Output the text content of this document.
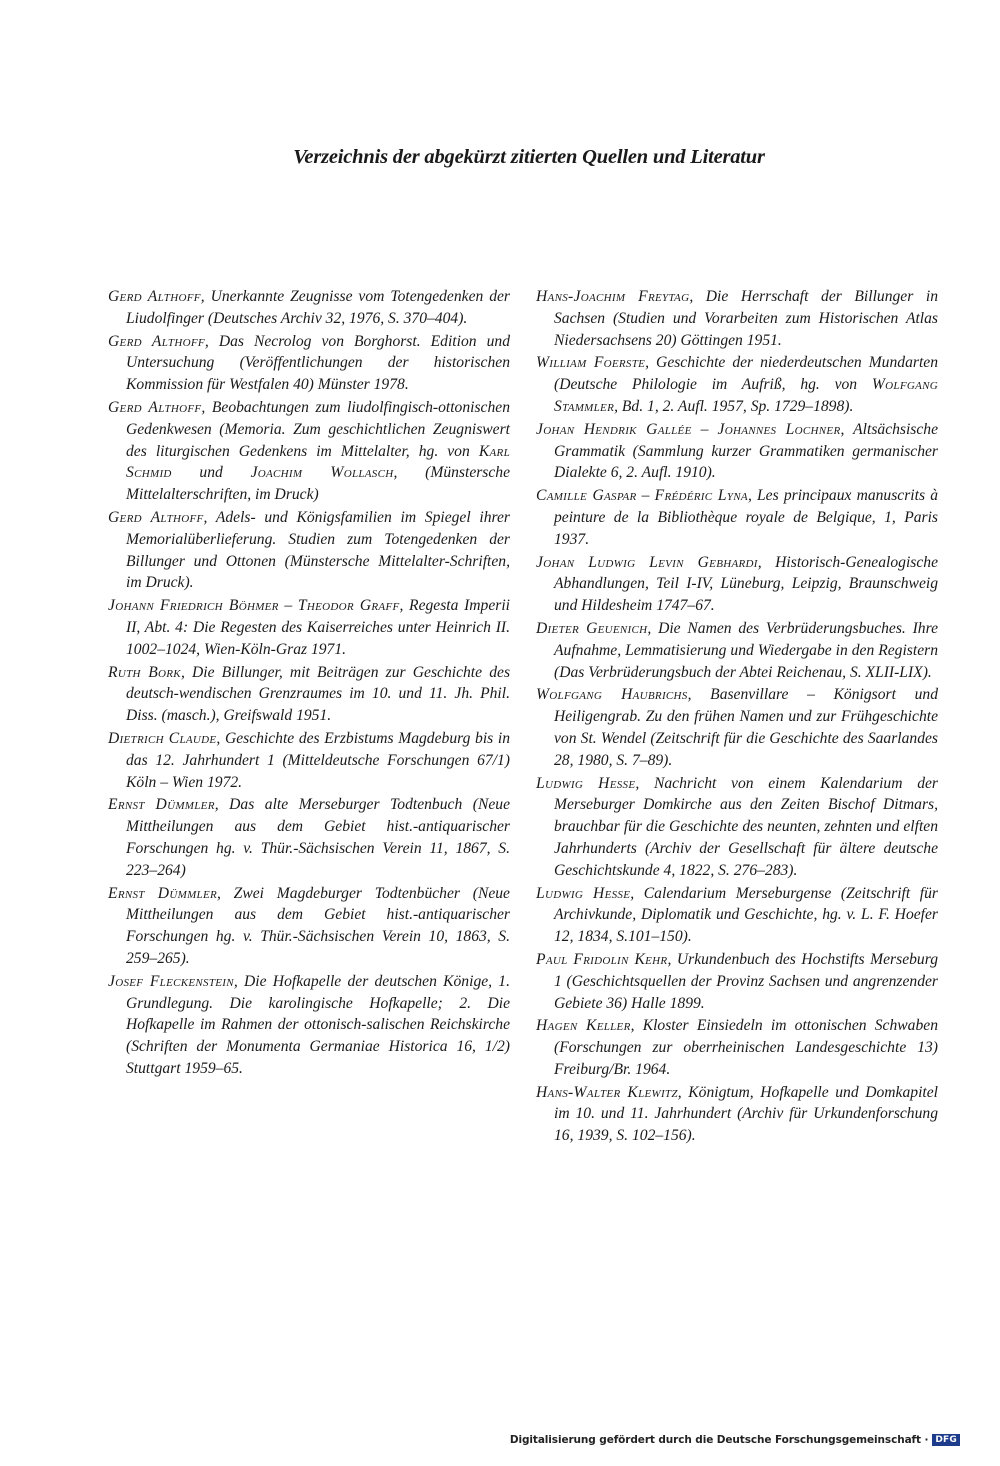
Verzeichnis der abgekürzt zitierten Quellen und Literatur

Gerd Althoff, Unerkannte Zeugnisse vom Totengedenken der Liudolfinger (Deutsches Archiv 32, 1976, S. 370–404).

Gerd Althoff, Das Necrolog von Borghorst. Edition und Untersuchung (Veröffentlichungen der historischen Kommission für Westfalen 40) Münster 1978.

Gerd Althoff, Beobachtungen zum liudolfingisch-ottonischen Gedenkwesen (Memoria. Zum geschichtlichen Zeugniswert des liturgischen Gedenkens im Mittelalter, hg. von Karl Schmid und Joachim Wollasch, (Münstersche Mittelalterschriften, im Druck)

Gerd Althoff, Adels- und Königsfamilien im Spiegel ihrer Memorialüberlieferung. Studien zum Totengedenken der Billunger und Ottonen (Münstersche Mittelalter-Schriften, im Druck).

Johann Friedrich Böhmer – Theodor Graff, Regesta Imperii II, Abt. 4: Die Regesten des Kaiserreiches unter Heinrich II. 1002–1024, Wien-Köln-Graz 1971.

Ruth Bork, Die Billunger, mit Beiträgen zur Geschichte des deutsch-wendischen Grenzraumes im 10. und 11. Jh. Phil. Diss. (masch.), Greifswald 1951.

Dietrich Claude, Geschichte des Erzbistums Magdeburg bis in das 12. Jahrhundert 1 (Mitteldeutsche Forschungen 67/1) Köln – Wien 1972.

Ernst Dümmler, Das alte Merseburger Todtenbuch (Neue Mittheilungen aus dem Gebiet hist.-antiquarischer Forschungen hg. v. Thür.-Sächsischen Verein 11, 1867, S. 223–264)

Ernst Dümmler, Zwei Magdeburger Todtenbücher (Neue Mittheilungen aus dem Gebiet hist.-antiquarischer Forschungen hg. v. Thür.-Sächsischen Verein 10, 1863, S. 259–265).

Josef Fleckenstein, Die Hofkapelle der deutschen Könige, 1. Grundlegung. Die karolingische Hofkapelle; 2. Die Hofkapelle im Rahmen der ottonisch-salischen Reichskirche (Schriften der Monumenta Germaniae Historica 16, 1/2) Stuttgart 1959–65.

Hans-Joachim Freytag, Die Herrschaft der Billunger in Sachsen (Studien und Vorarbeiten zum Historischen Atlas Niedersachsens 20) Göttingen 1951.

William Foerste, Geschichte der niederdeutschen Mundarten (Deutsche Philologie im Aufriß, hg. von Wolfgang Stammler, Bd. 1, 2. Aufl. 1957, Sp. 1729–1898).

Johan Hendrik Gallée – Johannes Lochner, Altsächsische Grammatik (Sammlung kurzer Grammatiken germanischer Dialekte 6, 2. Aufl. 1910).

Camille Gaspar – Frédéric Lyna, Les principaux manuscrits à peinture de la Bibliothèque royale de Belgique, 1, Paris 1937.

Johan Ludwig Levin Gebhardi, Historisch-Genealogische Abhandlungen, Teil I-IV, Lüneburg, Leipzig, Braunschweig und Hildesheim 1747–67.

Dieter Geuenich, Die Namen des Verbrüderungsbuches. Ihre Aufnahme, Lemmatisierung und Wiedergabe in den Registern (Das Verbrüderungsbuch der Abtei Reichenau, S. XLII-LIX).

Wolfgang Haubrichs, Basenvillare – Königsort und Heiligengrab. Zu den frühen Namen und zur Frühgeschichte von St. Wendel (Zeitschrift für die Geschichte des Saarlandes 28, 1980, S. 7–89).

Ludwig Hesse, Nachricht von einem Kalendarium der Merseburger Domkirche aus den Zeiten Bischof Ditmars, brauchbar für die Geschichte des neunten, zehnten und elften Jahrhunderts (Archiv der Gesellschaft für ältere deutsche Geschichtskunde 4, 1822, S. 276–283).

Ludwig Hesse, Calendarium Merseburgense (Zeitschrift für Archivkunde, Diplomatik und Geschichte, hg. v. L. F. Hoefer 12, 1834, S.101–150).

Paul Fridolin Kehr, Urkundenbuch des Hochstifts Merseburg 1 (Geschichtsquellen der Provinz Sachsen und angrenzender Gebiete 36) Halle 1899.

Hagen Keller, Kloster Einsiedeln im ottonischen Schwaben (Forschungen zur oberrheinischen Landesgeschichte 13) Freiburg/Br. 1964.

Hans-Walter Klewitz, Königtum, Hofkapelle und Domkapitel im 10. und 11. Jahrhundert (Archiv für Urkundenforschung 16, 1939, S. 102–156).

Digitalisierung gefördert durch die Deutsche Forschungsgemeinschaft · DFG
